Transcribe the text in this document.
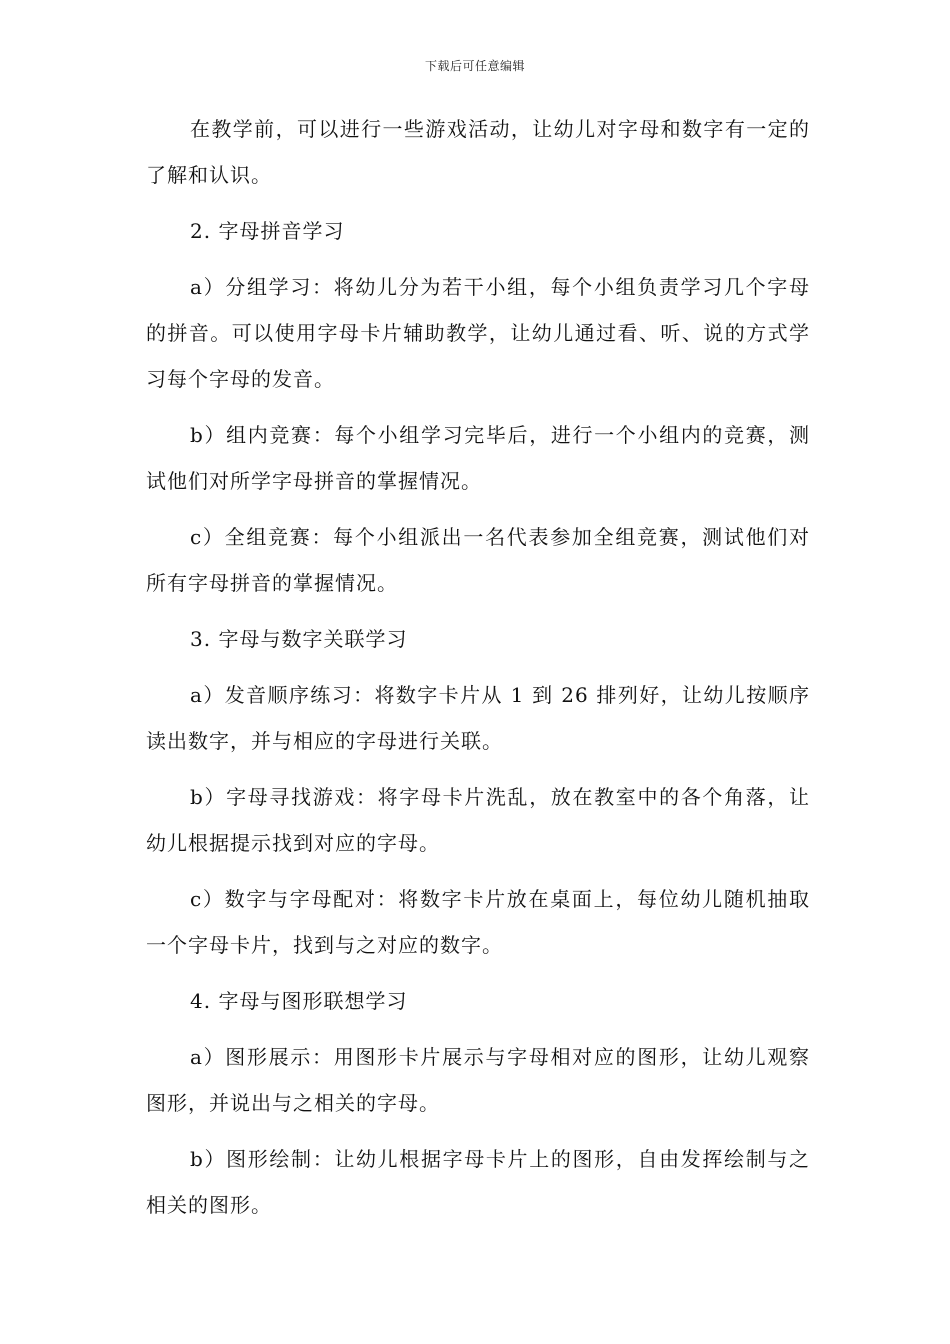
下载后可任意编辑

在教学前，可以进行一些游戏活动，让幼儿对字母和数字有一定的了解和认识。

2. 字母拼音学习

a）分组学习：将幼儿分为若干小组，每个小组负责学习几个字母的拼音。可以使用字母卡片辅助教学，让幼儿通过看、听、说的方式学习每个字母的发音。

b）组内竞赛：每个小组学习完毕后，进行一个小组内的竞赛，测试他们对所学字母拼音的掌握情况。

c）全组竞赛：每个小组派出一名代表参加全组竞赛，测试他们对所有字母拼音的掌握情况。

3. 字母与数字关联学习

a）发音顺序练习：将数字卡片从 1 到 26 排列好，让幼儿按顺序读出数字，并与相应的字母进行关联。

b）字母寻找游戏：将字母卡片洗乱，放在教室中的各个角落，让幼儿根据提示找到对应的字母。

c）数字与字母配对：将数字卡片放在桌面上，每位幼儿随机抽取一个字母卡片，找到与之对应的数字。

4. 字母与图形联想学习

a）图形展示：用图形卡片展示与字母相对应的图形，让幼儿观察图形，并说出与之相关的字母。

b）图形绘制：让幼儿根据字母卡片上的图形，自由发挥绘制与之相关的图形。
